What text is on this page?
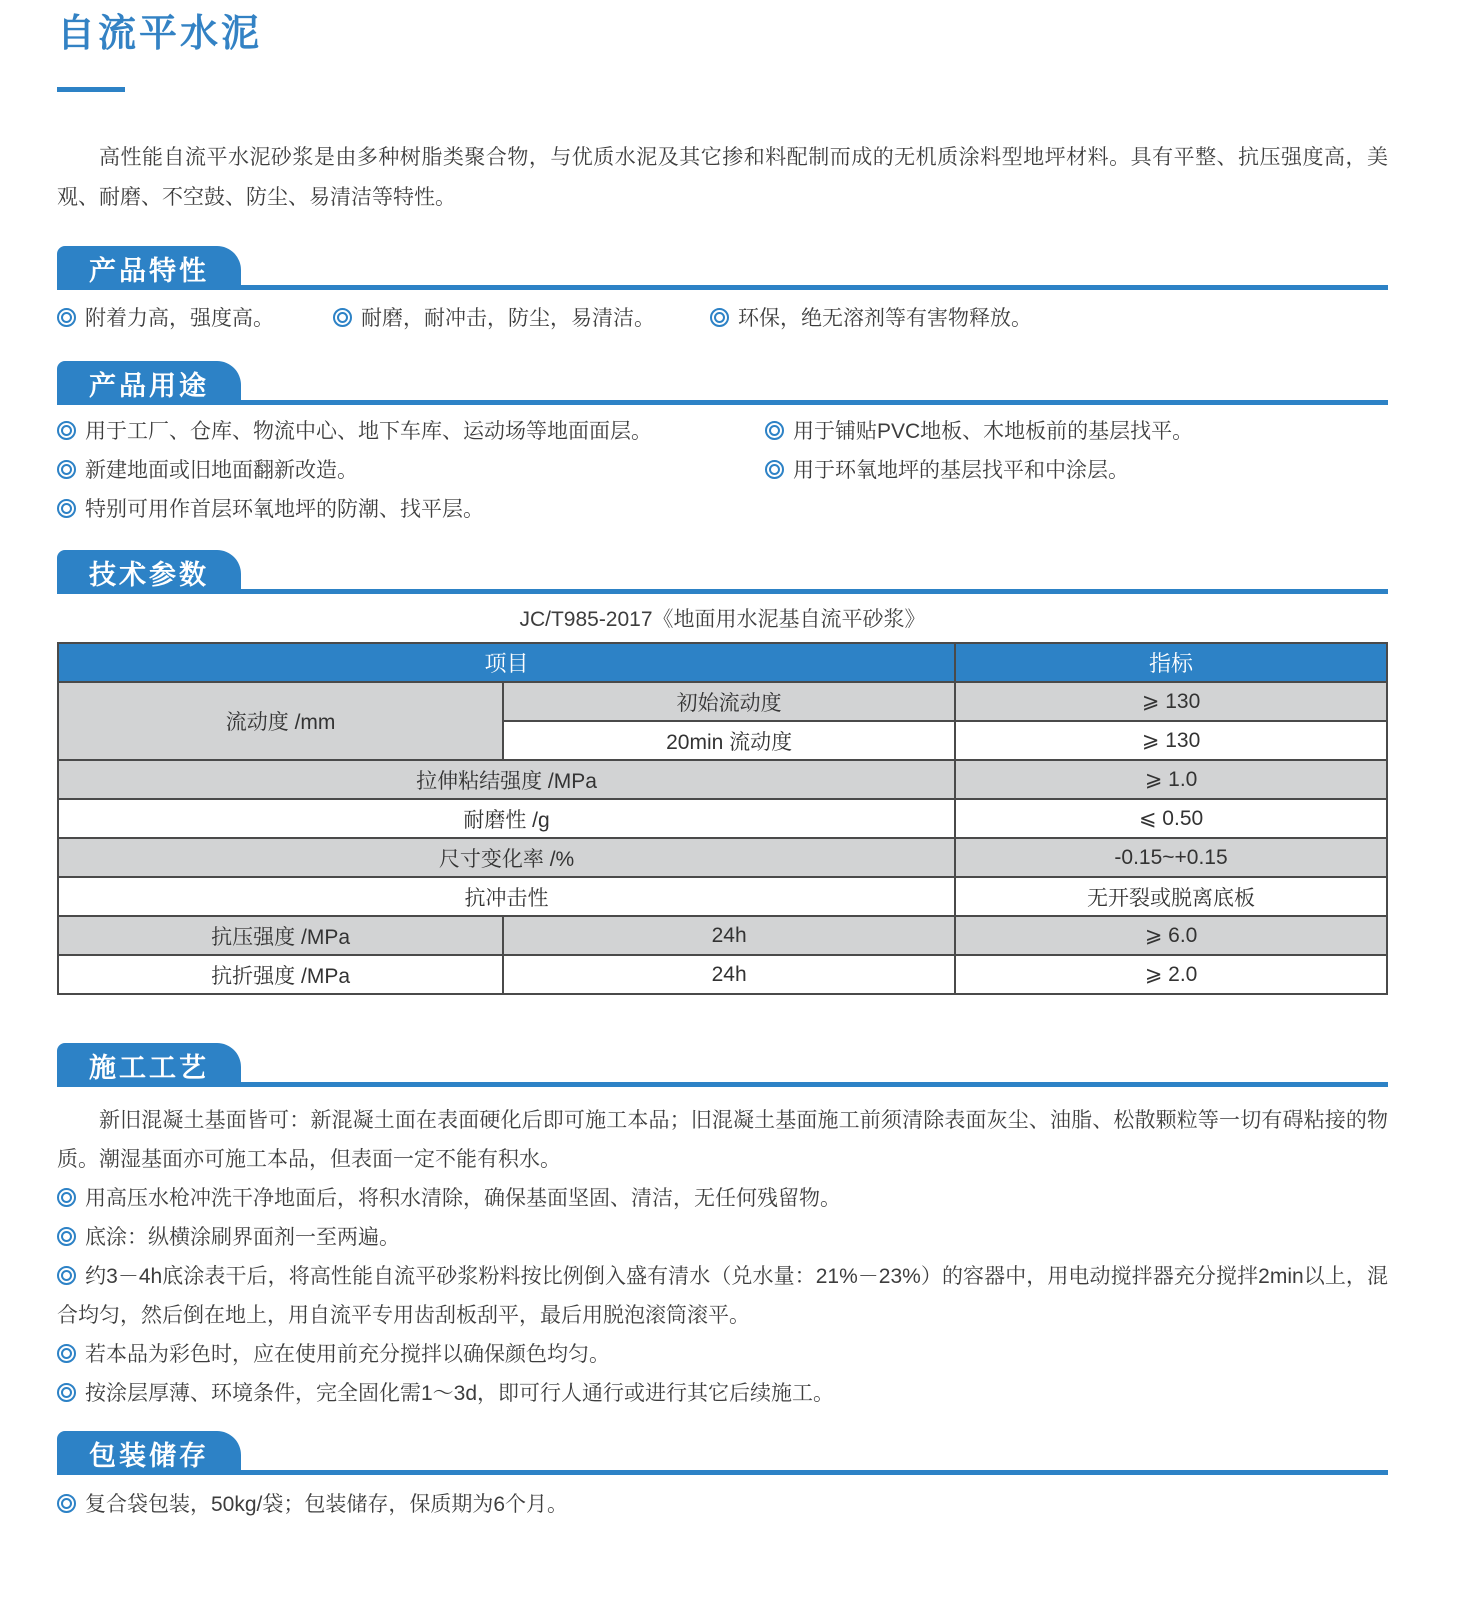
自流平水泥

高性能自流平水泥砂浆是由多种树脂类聚合物，与优质水泥及其它掺和料配制而成的无机质涂料型地坪材料。具有平整、抗压强度高，美观、耐磨、不空鼓、防尘、易清洁等特性。

产品特性

附着力高，强度高。	耐磨，耐冲击，防尘，易清洁。	环保，绝无溶剂等有害物释放。

产品用途

用于工厂、仓库、物流中心、地下车库、运动场等地面面层。

新建地面或旧地面翻新改造。

特别可用作首层环氧地坪的防潮、找平层。

用于铺贴PVC地板、木地板前的基层找平。

用于环氧地坪的基层找平和中涂层。

技术参数

JC/T985-2017《地面用水泥基自流平砂浆》

项目		指标
流动度 /mm	初始流动度	⩾ 130
	20min 流动度	⩾ 130
拉伸粘结强度 /MPa		⩾ 1.0
耐磨性 /g		⩽ 0.50
尺寸变化率 /%		-0.15~+0.15
抗冲击性		无开裂或脱离底板
抗压强度 /MPa	24h	⩾ 6.0
抗折强度 /MPa	24h	⩾ 2.0
施工工艺

新旧混凝土基面皆可：新混凝土面在表面硬化后即可施工本品；旧混凝土基面施工前须清除表面灰尘、油脂、松散颗粒等一切有碍粘接的物质。潮湿基面亦可施工本品，但表面一定不能有积水。

用高压水枪冲洗干净地面后，将积水清除，确保基面坚固、清洁，无任何残留物。

底涂：纵横涂刷界面剂一至两遍。

约3－4h底涂表干后，将高性能自流平砂浆粉料按比例倒入盛有清水（兑水量：21%－23%）的容器中，用电动搅拌器充分搅拌2min以上，混合均匀，然后倒在地上，用自流平专用齿刮板刮平，最后用脱泡滚筒滚平。

若本品为彩色时，应在使用前充分搅拌以确保颜色均匀。

按涂层厚薄、环境条件，完全固化需1～3d，即可行人通行或进行其它后续施工。

包装储存

复合袋包装，50kg/袋；包装储存，保质期为6个月。
